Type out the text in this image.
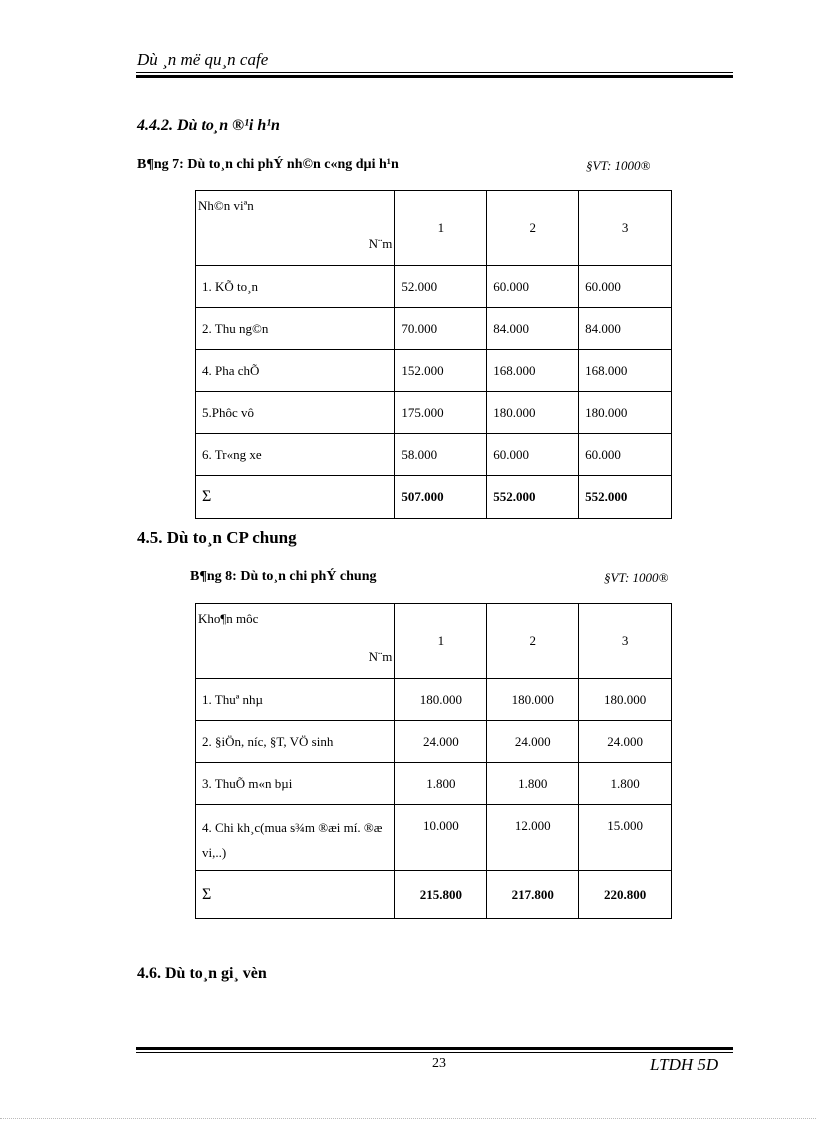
Dù ¸n më qu¸n cafe
4.4.2. Dù to¸n ®¹i h¹n
B¶ng 7: Dù to¸n chi phÝ nh©n c«ng dµi h¹n	§VT: 1000®
N¨m
Nh©n viªn	1	2	3
1. KÕ to¸n	52.000	60.000	60.000
2. Thu ng©n	70.000	84.000	84.000
4. Pha chÕ	152.000	168.000	168.000
5.Phôc vô	175.000	180.000	180.000
6. Tr«ng xe	58.000	60.000	60.000
Σ	507.000	552.000	552.000
4.5. Dù to¸n CP chung
B¶ng 8: Dù to¸n chi phÝ chung	§VT: 1000®
N¨m
Kho¶n môc	1	2	3
1. Thuª nhµ	180.000	180.000	180.000
2. §iÖn, níc, §T, VÖ sinh	24.000	24.000	24.000
3. ThuÕ m«n bµi	1.800	1.800	1.800
4. Chi kh¸c(mua s¾m ®æi mí. ®æ vi,..)	10.000	12.000	15.000
Σ	215.800	217.800	220.800
4.6. Dù to¸n gi¸ vèn
23	LTDH 5D
